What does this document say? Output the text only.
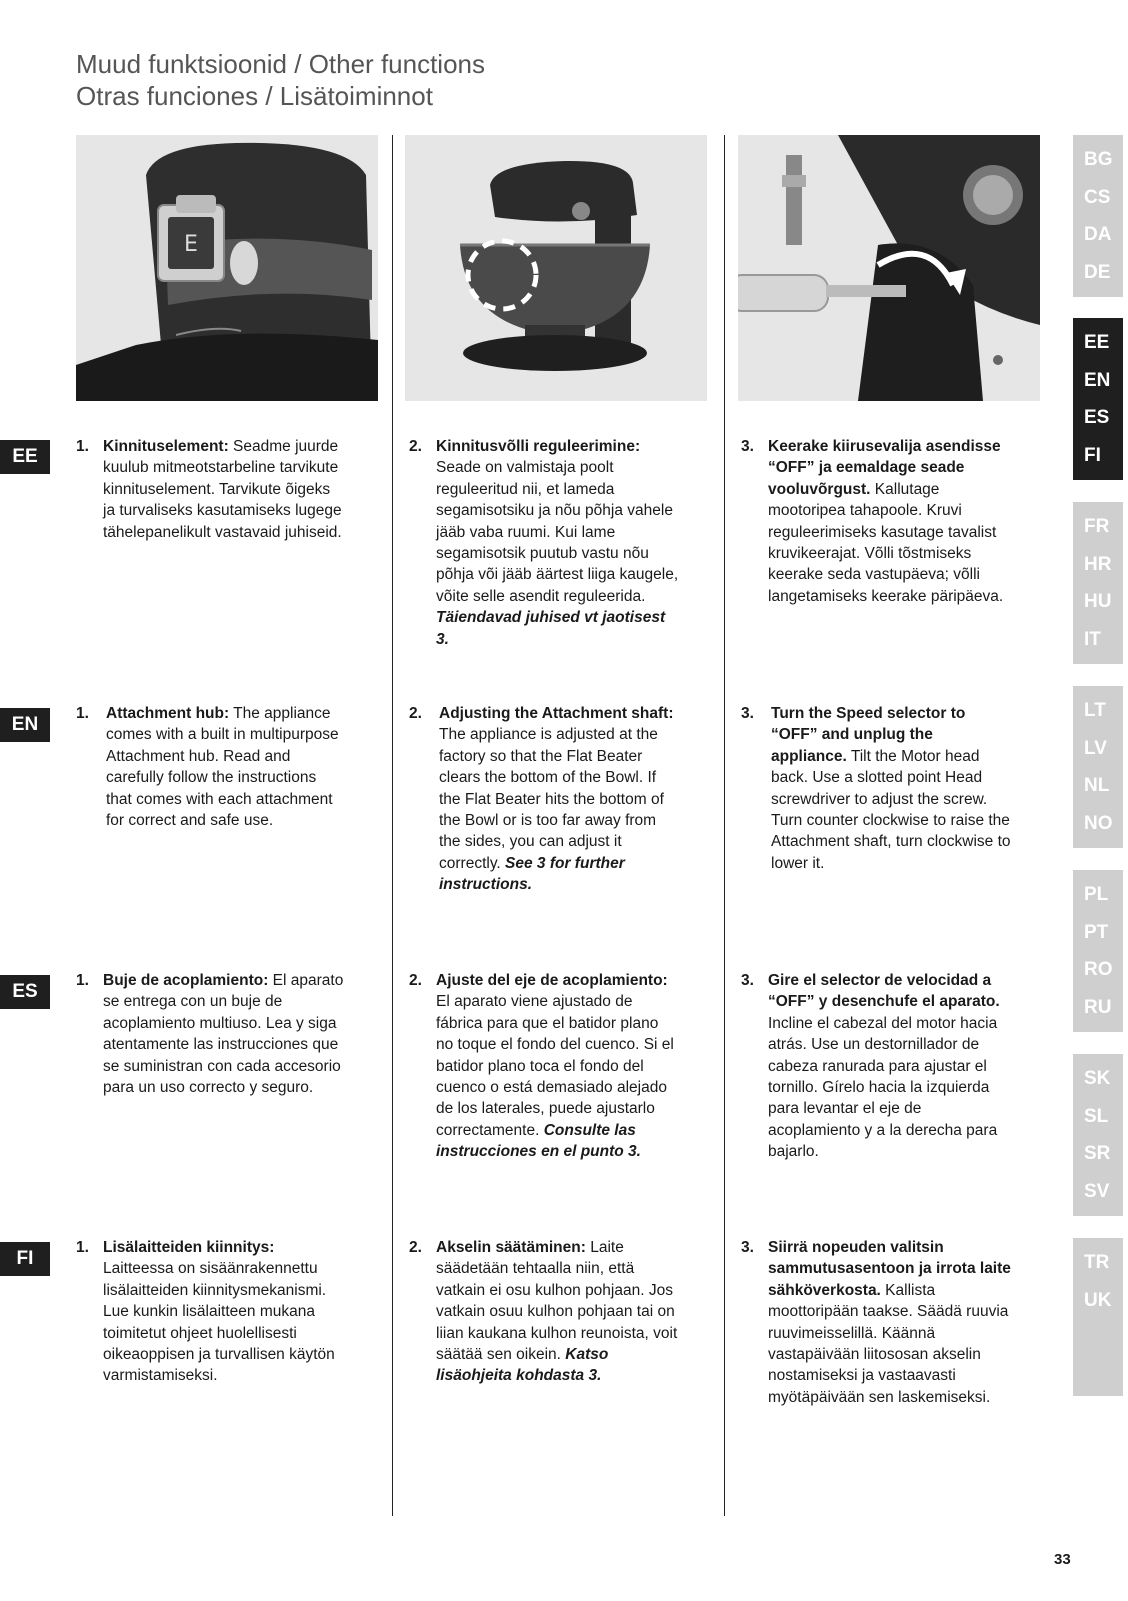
Muud funktsioonid / Other functions
Otras funciones / Lisätoiminnot
E
EE
EN
ES
FI
1. Kinnituselement: Seadme juurde kuulub mitmeotstarbeline tarvikute kinnituselement. Tarvikute õigeks ja turvaliseks kasutamiseks lugege tähelepanelikult vastavaid juhiseid.
2. Kinnitusvõlli reguleerimine: Seade on valmistaja poolt reguleeritud nii, et lameda segamisotsiku ja nõu põhja vahele jääb vaba ruumi. Kui lame segamisotsik puutub vastu nõu põhja või jääb äärtest liiga kaugele, võite selle asendit reguleerida. Täiendavad juhised vt jaotisest 3.
3. Keerake kiirusevalija asendisse “OFF” ja eemaldage seade vooluvõrgust. Kallutage mootoripea tahapoole. Kruvi reguleerimiseks kasutage tavalist kruvikeerajat. Võlli tõstmiseks keerake seda vastupäeva; võlli langetamiseks keerake päripäeva.
1. Attachment hub: The appliance comes with a built in multipurpose Attachment hub. Read and carefully follow the instructions that comes with each attachment for correct and safe use.
2. Adjusting the Attachment shaft: The appliance is adjusted at the factory so that the Flat Beater clears the bottom of the Bowl. If the Flat Beater hits the bottom of the Bowl or is too far away from the sides, you can adjust it correctly. See 3 for further instructions.
3. Turn the Speed selector to “OFF” and unplug the appliance. Tilt the Motor head back. Use a slotted point Head screwdriver to adjust the screw. Turn counter clockwise to raise the Attachment shaft, turn clockwise to lower it.
1. Buje de acoplamiento: El aparato se entrega con un buje de acoplamiento multiuso. Lea y siga atentamente las instrucciones que se suministran con cada accesorio para un uso correcto y seguro.
2. Ajuste del eje de acoplamiento: El aparato viene ajustado de fábrica para que el batidor plano no toque el fondo del cuenco. Si el batidor plano toca el fondo del cuenco o está demasiado alejado de los laterales, puede ajustarlo correctamente. Consulte las instrucciones en el punto 3.
3. Gire el selector de velocidad a “OFF” y desenchufe el aparato. Incline el cabezal del motor hacia atrás. Use un destornillador de cabeza ranurada para ajustar el tornillo. Gírelo hacia la izquierda para levantar el eje de acoplamiento y a la derecha para bajarlo.
1. Lisälaitteiden kiinnitys: Laitteessa on sisäänrakennettu lisälaitteiden kiinnitysmekanismi. Lue kunkin lisälaitteen mukana toimitetut ohjeet huolellisesti oikeaoppisen ja turvallisen käytön varmistamiseksi.
2. Akselin säätäminen: Laite säädetään tehtaalla niin, että vatkain ei osu kulhon pohjaan. Jos vatkain osuu kulhon pohjaan tai on liian kaukana kulhon reunoista, voit säätää sen oikein. Katso lisäohjeita kohdasta 3.
3. Siirrä nopeuden valitsin sammutusasentoon ja irrota laite sähköverkosta. Kallista moottoripään taakse. Säädä ruuvia ruuvimeisselillä. Käännä vastapäivään liitososan akselin nostamiseksi ja vastaavasti myötäpäivään sen laskemiseksi.
BG
CS
DA
DE
EE
EN
ES
FI
FR
HR
HU
IT
LT
LV
NL
NO
PL
PT
RO
RU
SK
SL
SR
SV
TR
UK
33
